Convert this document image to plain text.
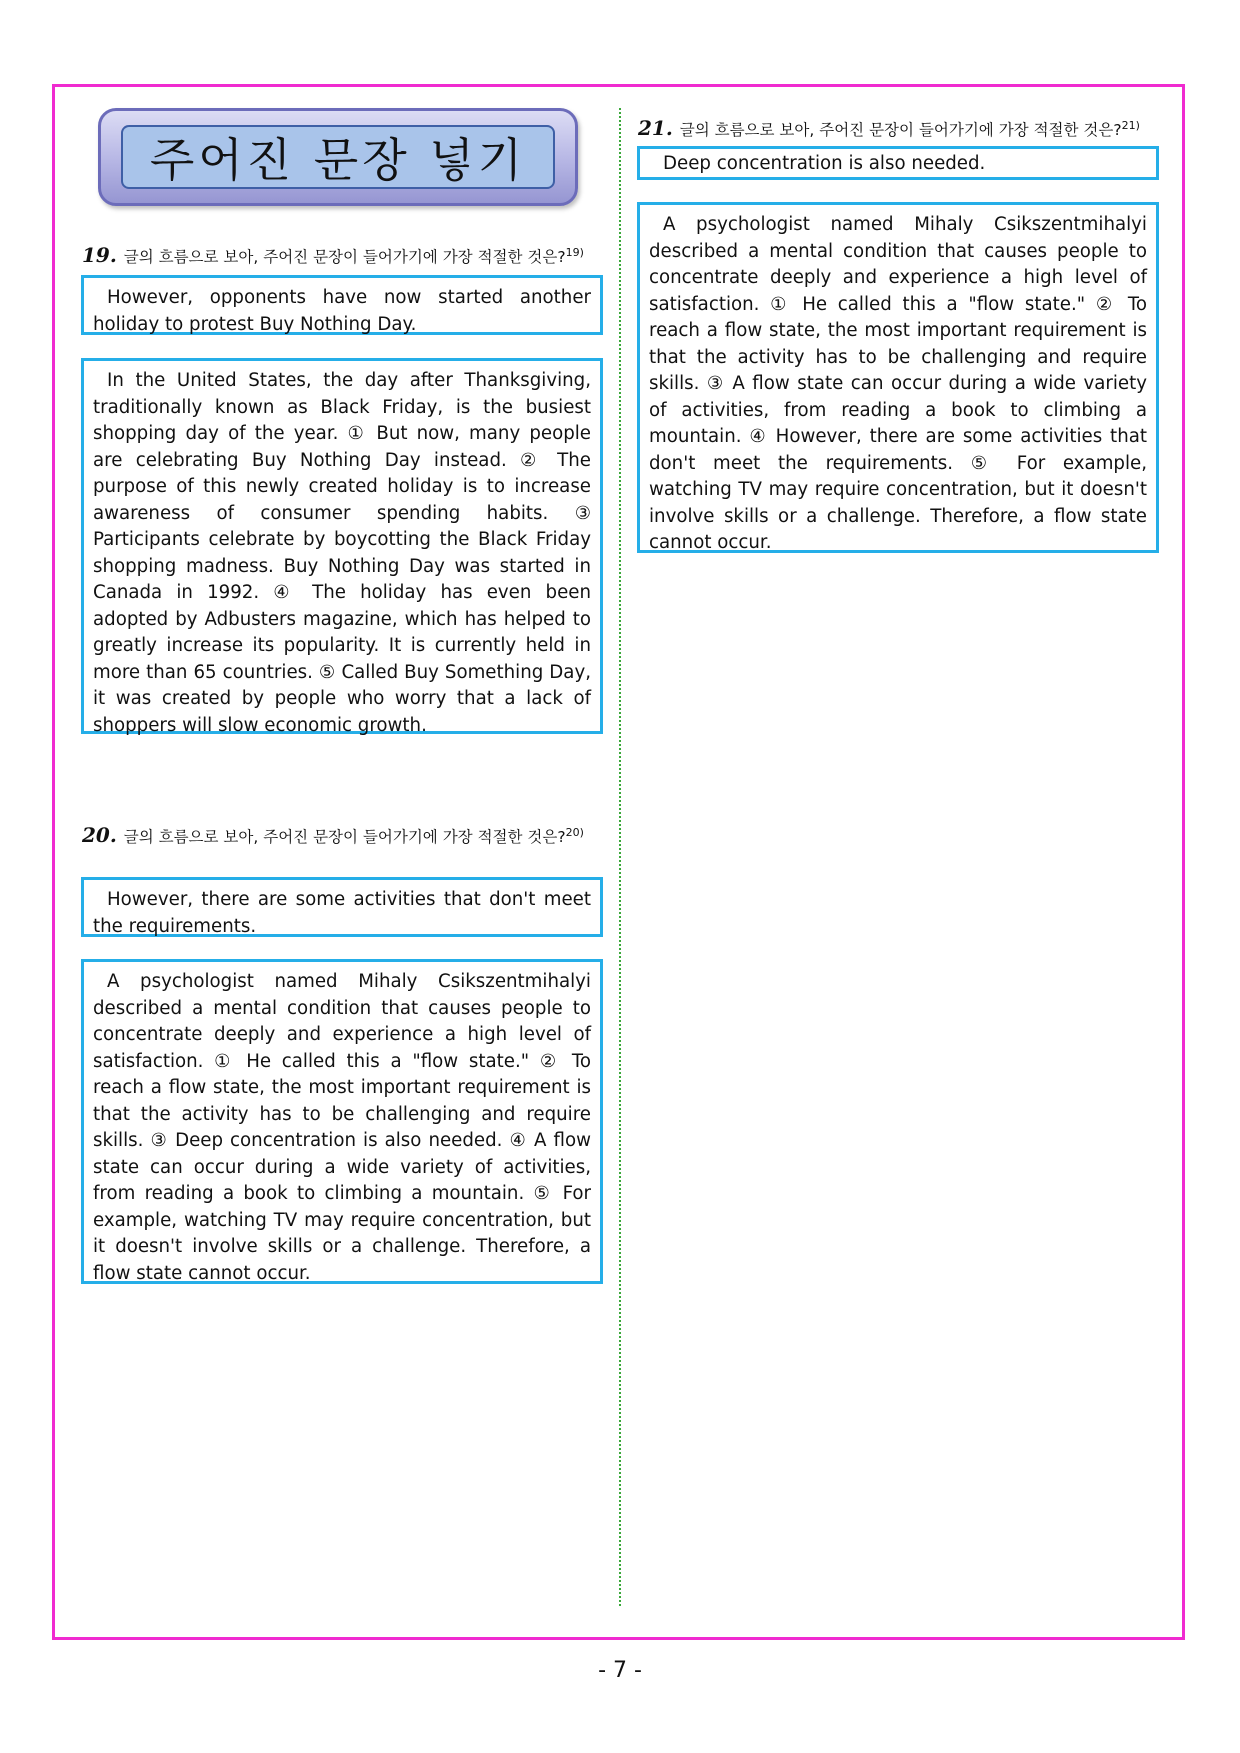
주어진 문장 넣기
19. 글의 흐름으로 보아, 주어진 문장이 들어가기에 가장 적절한 것은?$^{19)}$

However, opponents have now started another holiday to protest Buy Nothing Day.

In the United States, the day after Thanksgiving, traditionally known as Black Friday, is the busiest shopping day of the year. ① But now, many people are celebrating Buy Nothing Day instead. ② The purpose of this newly created holiday is to increase awareness of consumer spending habits. ③ Participants celebrate by boycotting the Black Friday shopping madness. Buy Nothing Day was started in Canada in 1992. ④ The holiday has even been adopted by Adbusters magazine, which has helped to greatly increase its popularity. It is currently held in more than 65 countries. ⑤ Called Buy Something Day, it was created by people who worry that a lack of shoppers will slow economic growth.

20. 글의 흐름으로 보아, 주어진 문장이 들어가기에 가장 적절한 것은?$^{20)}$

However, there are some activities that don't meet the requirements.

A psychologist named Mihaly Csikszentmihalyi described a mental condition that causes people to concentrate deeply and experience a high level of satisfaction. ① He called this a "flow state." ② To reach a flow state, the most important requirement is that the activity has to be challenging and require skills. ③ Deep concentration is also needed. ④ A flow state can occur during a wide variety of activities, from reading a book to climbing a mountain. ⑤ For example, watching TV may require concentration, but it doesn't involve skills or a challenge. Therefore, a flow state cannot occur.

21. 글의 흐름으로 보아, 주어진 문장이 들어가기에 가장 적절한 것은?$^{21)}$

Deep concentration is also needed.

A psychologist named Mihaly Csikszentmihalyi described a mental condition that causes people to concentrate deeply and experience a high level of satisfaction. ① He called this a "flow state." ② To reach a flow state, the most important requirement is that the activity has to be challenging and require skills. ③ A flow state can occur during a wide variety of activities, from reading a book to climbing a mountain. ④ However, there are some activities that don't meet the requirements. ⑤ For example, watching TV may require concentration, but it doesn't involve skills or a challenge. Therefore, a flow state cannot occur.

- 7 -
